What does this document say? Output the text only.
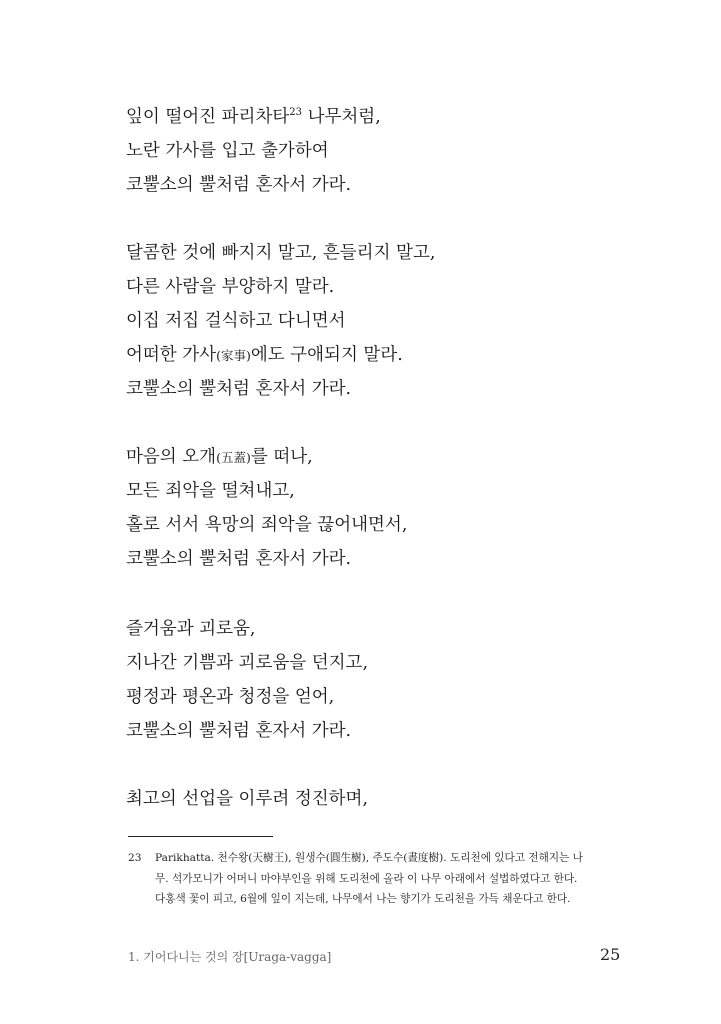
잎이 떨어진 파리차타$^{23}$ 나무처럼,
노란 가사를 입고 출가하여
코뿔소의 뿔처럼 혼자서 가라.
달콤한 것에 빠지지 말고, 흔들리지 말고,
다른 사람을 부양하지 말라.
이집 저집 걸식하고 다니면서
어떠한 가사(家事)에도 구애되지 말라.
코뿔소의 뿔처럼 혼자서 가라.
마음의 오개(五蓋)를 떠나,
모든 죄악을 떨쳐내고,
홀로 서서 욕망의 죄악을 끊어내면서,
코뿔소의 뿔처럼 혼자서 가라.
즐거움과 괴로움,
지나간 기쁨과 괴로움을 던지고,
평정과 평온과 청정을 얻어,
코뿔소의 뿔처럼 혼자서 가라.
최고의 선업을 이루려 정진하며,
23 Parikhatta. 천수왕(天樹王), 원생수(圓生樹), 주도수(晝度樹). 도리천에 있다고 전해지는 나
무. 석가모니가 어머니 마야부인을 위해 도리천에 올라 이 나무 아래에서 설법하였다고 한다.
다홍색 꽃이 피고, 6월에 잎이 지는데, 나무에서 나는 향기가 도리천을 가득 채운다고 한다.
1. 기어다니는 것의 장[Uraga-vagga]	25
